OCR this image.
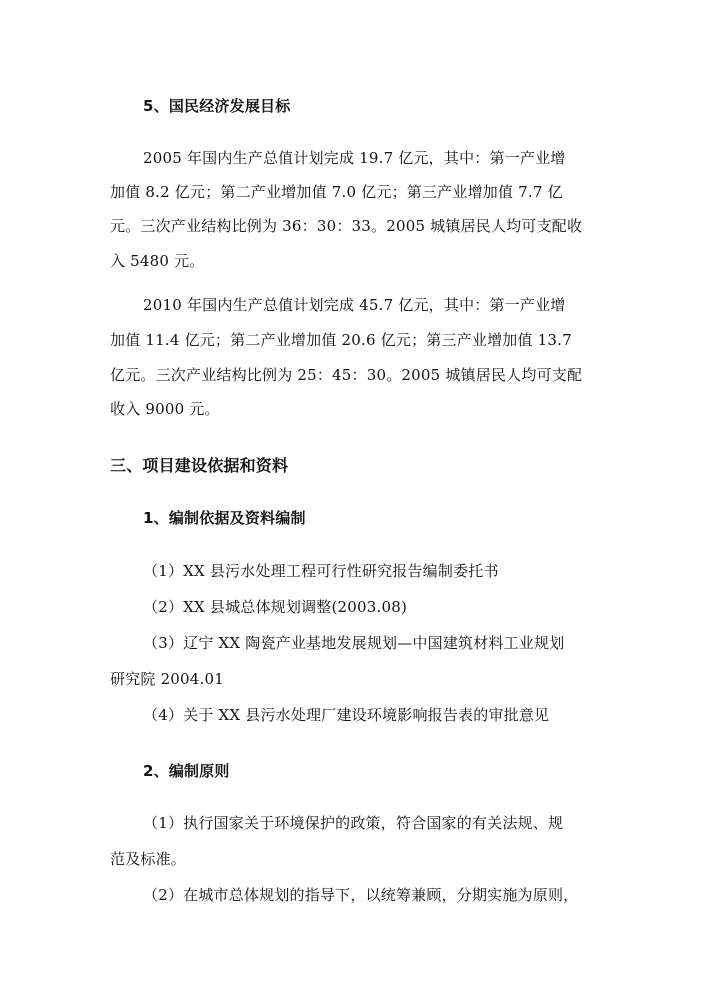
5、国民经济发展目标
2005 年国内生产总值计划完成 19.7 亿元，其中：第一产业增
加值 8.2 亿元；第二产业增加值 7.0 亿元；第三产业增加值 7.7 亿
元。三次产业结构比例为 36：30：33。2005 城镇居民人均可支配收
入 5480 元。
2010 年国内生产总值计划完成 45.7 亿元，其中：第一产业增
加值 11.4 亿元；第二产业增加值 20.6 亿元；第三产业增加值 13.7
亿元。三次产业结构比例为 25：45：30。2005 城镇居民人均可支配
收入 9000 元。
三、项目建设依据和资料
1、编制依据及资料编制
（1）XX 县污水处理工程可行性研究报告编制委托书
（2）XX 县城总体规划调整(2003.08)
（3）辽宁 XX 陶瓷产业基地发展规划—中国建筑材料工业规划
研究院 2004.01
（4）关于 XX 县污水处理厂建设环境影响报告表的审批意见
2、编制原则
（1）执行国家关于环境保护的政策，符合国家的有关法规、规
范及标准。
（2）在城市总体规划的指导下，以统筹兼顾，分期实施为原则，
